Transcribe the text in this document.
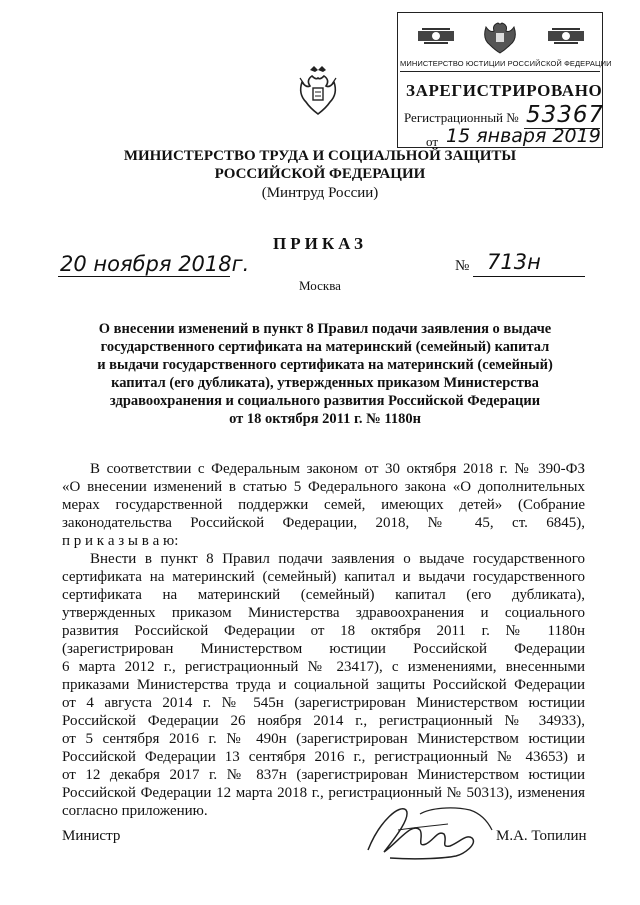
МИНИСТЕРСТВО ЮСТИЦИИ РОССИЙСКОЙ ФЕДЕРАЦИИ
ЗАРЕГИСТРИРОВАНО
Регистрационный № 53367
от 15 января 2019
МИНИСТЕРСТВО ТРУДА И СОЦИАЛЬНОЙ ЗАЩИТЫ
РОССИЙСКОЙ ФЕДЕРАЦИИ
(Минтруд России)
ПРИКАЗ
20 ноября 2018г.	№ 713н
Москва
О внесении изменений в пункт 8 Правил подачи заявления о выдаче
государственного сертификата на материнский (семейный) капитал
и выдачи государственного сертификата на материнский (семейный)
капитал (его дубликата), утвержденных приказом Министерства
здравоохранения и социального развития Российской Федерации
от 18 октября 2011 г. № 1180н
В соответствии с Федеральным законом от 30 октября 2018 г. № 390-ФЗ
«О внесении изменений в статью 5 Федерального закона «О дополнительных
мерах государственной поддержки семей, имеющих детей» (Собрание
законодательства Российской Федерации, 2018, № 45, ст. 6845),
п р и к а з ы в а ю:
Внести в пункт 8 Правил подачи заявления о выдаче государственного
сертификата на материнский (семейный) капитал и выдачи государственного
сертификата на материнский (семейный) капитал (его дубликата),
утвержденных приказом Министерства здравоохранения и социального
развития Российской Федерации от 18 октября 2011 г. № 1180н
(зарегистрирован Министерством юстиции Российской Федерации
6 марта 2012 г., регистрационный № 23417), с изменениями, внесенными
приказами Министерства труда и социальной защиты Российской Федерации
от 4 августа 2014 г. № 545н (зарегистрирован Министерством юстиции
Российской Федерации 26 ноября 2014 г., регистрационный № 34933),
от 5 сентября 2016 г. № 490н (зарегистрирован Министерством юстиции
Российской Федерации 13 сентября 2016 г., регистрационный № 43653) и
от 12 декабря 2017 г. № 837н (зарегистрирован Министерством юстиции
Российской Федерации 12 марта 2018 г., регистрационный № 50313), изменения
согласно приложению.
Министр	М.А. Топилин
